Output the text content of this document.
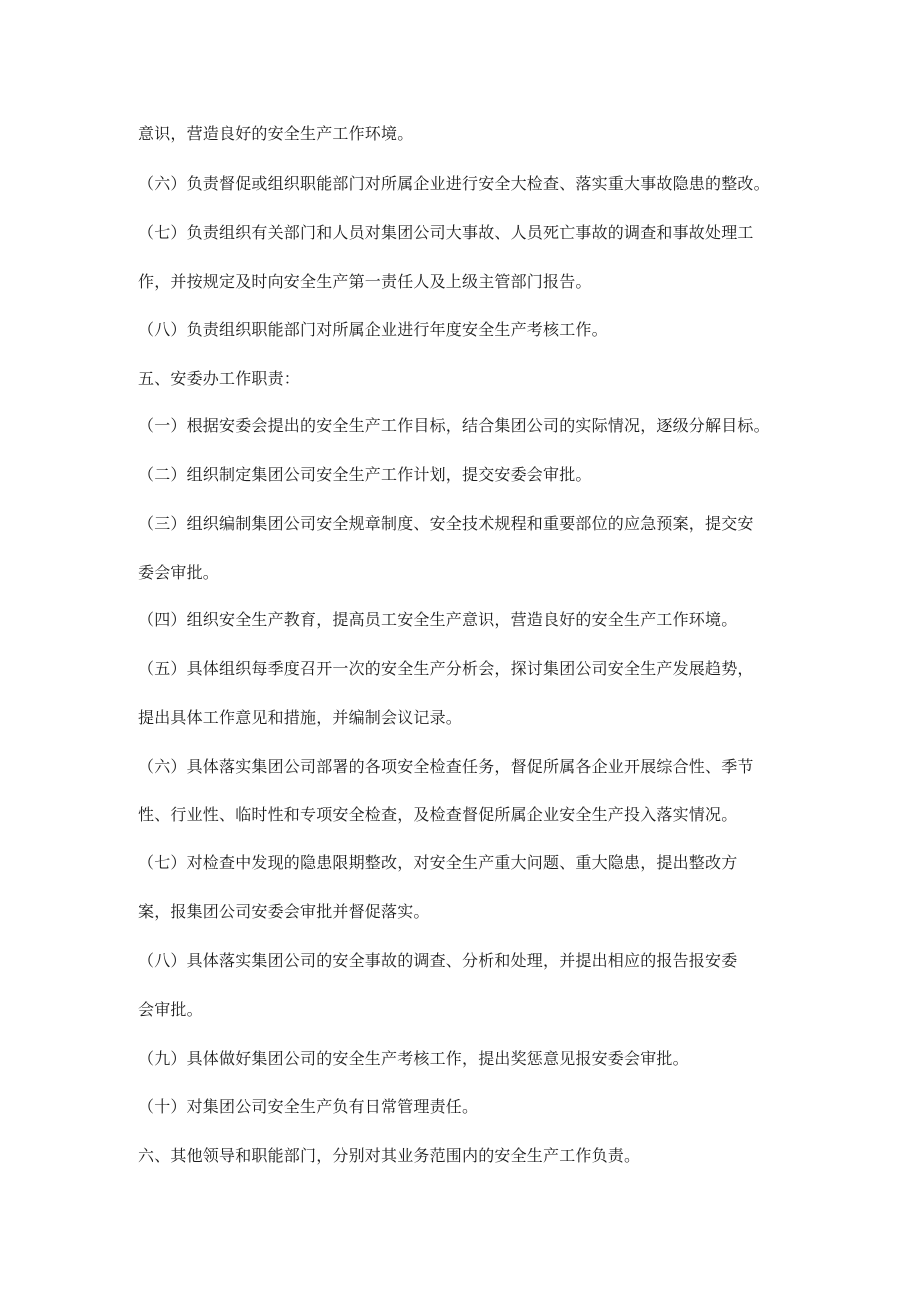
意识，营造良好的安全生产工作环境。
（六）负责督促或组织职能部门对所属企业进行安全大检查、落实重大事故隐患的整改。
（七）负责组织有关部门和人员对集团公司大事故、人员死亡事故的调查和事故处理工
作，并按规定及时向安全生产第一责任人及上级主管部门报告。
（八）负责组织职能部门对所属企业进行年度安全生产考核工作。
五、安委办工作职责：
（一）根据安委会提出的安全生产工作目标，结合集团公司的实际情况，逐级分解目标。
（二）组织制定集团公司安全生产工作计划，提交安委会审批。
（三）组织编制集团公司安全规章制度、安全技术规程和重要部位的应急预案，提交安
委会审批。
（四）组织安全生产教育，提高员工安全生产意识，营造良好的安全生产工作环境。
（五）具体组织每季度召开一次的安全生产分析会，探讨集团公司安全生产发展趋势，
提出具体工作意见和措施，并编制会议记录。
（六）具体落实集团公司部署的各项安全检查任务，督促所属各企业开展综合性、季节
性、行业性、临时性和专项安全检查，及检查督促所属企业安全生产投入落实情况。
（七）对检查中发现的隐患限期整改，对安全生产重大问题、重大隐患，提出整改方
案，报集团公司安委会审批并督促落实。
（八）具体落实集团公司的安全事故的调查、分析和处理，并提出相应的报告报安委
会审批。
（九）具体做好集团公司的安全生产考核工作，提出奖惩意见报安委会审批。
（十）对集团公司安全生产负有日常管理责任。
六、其他领导和职能部门，分别对其业务范围内的安全生产工作负责。
